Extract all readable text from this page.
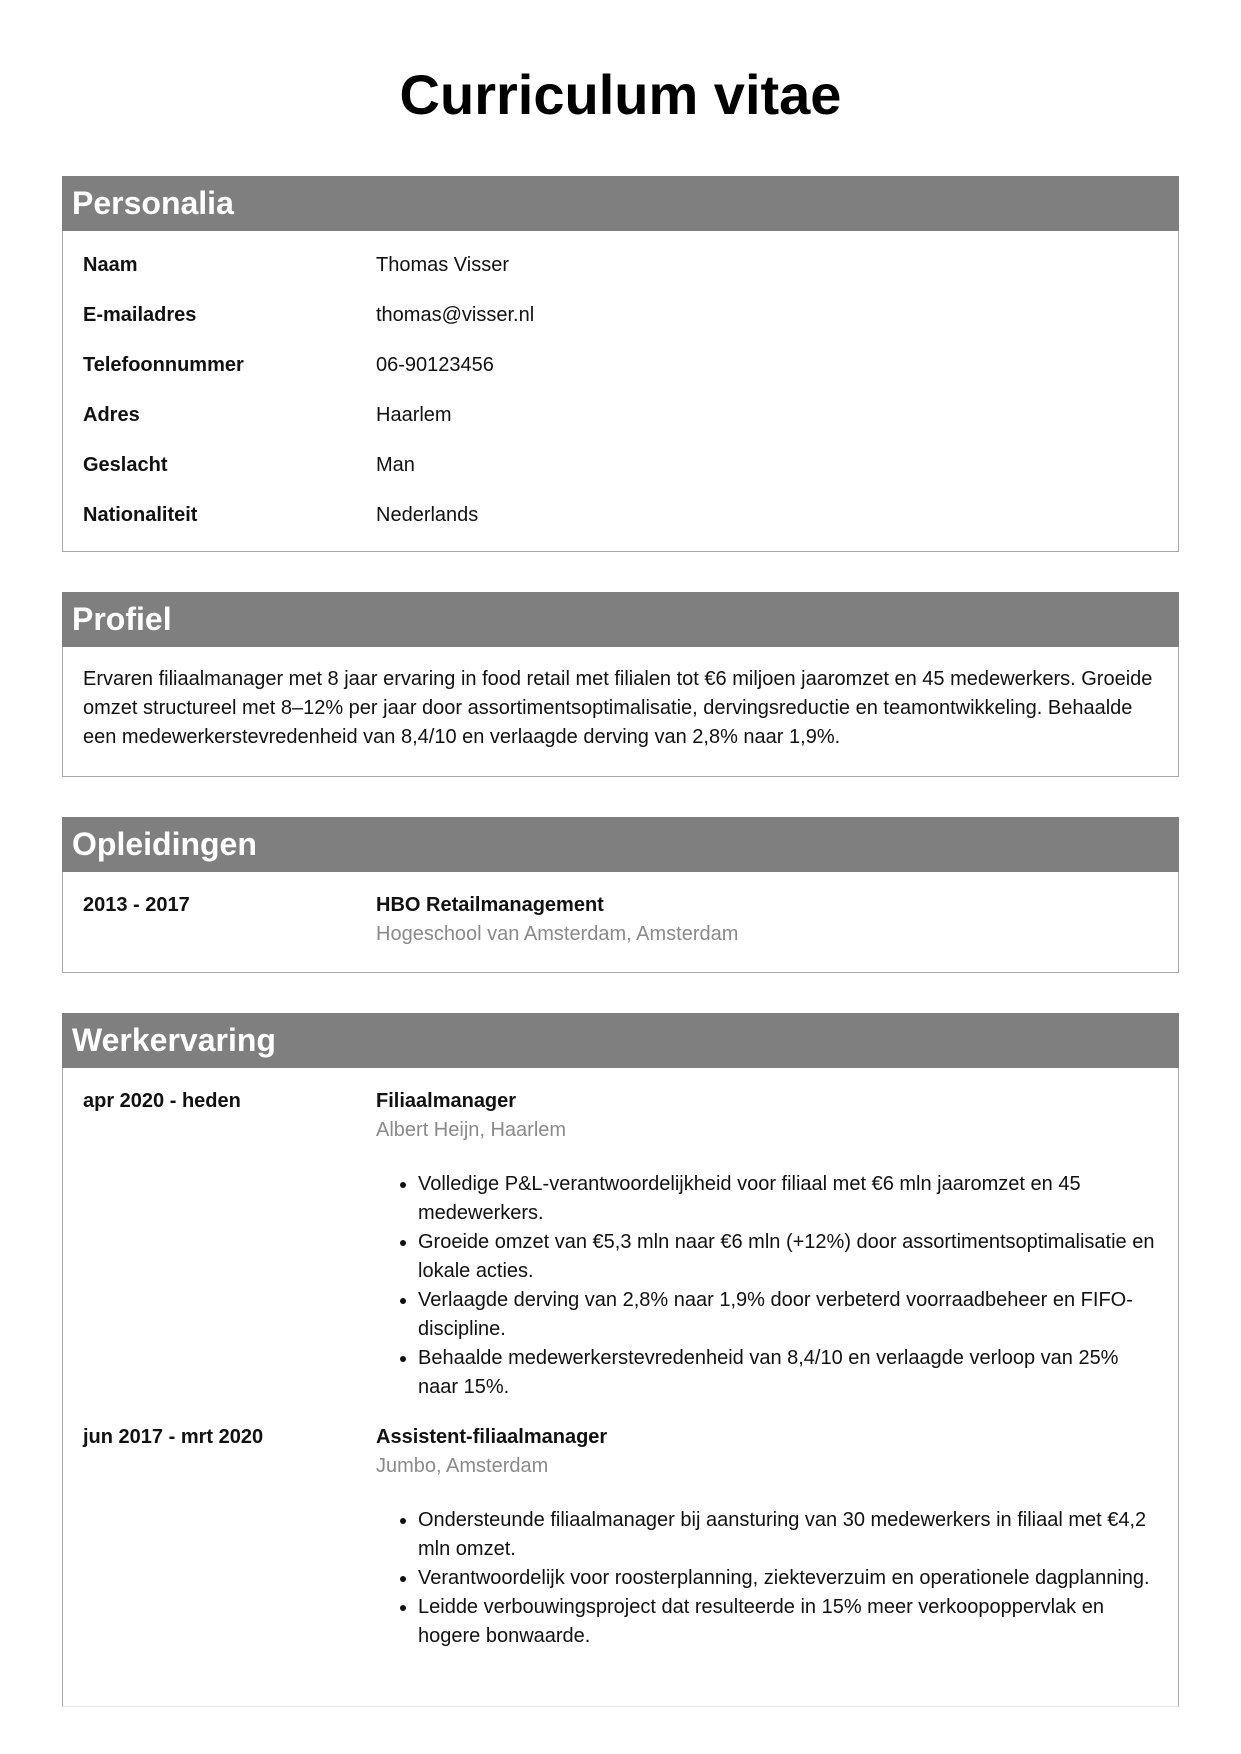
Curriculum vitae
Personalia
Naam	Thomas Visser
E-mailadres	thomas@visser.nl
Telefoonnummer	06-90123456
Adres	Haarlem
Geslacht	Man
Nationaliteit	Nederlands
Profiel
Ervaren filiaalmanager met 8 jaar ervaring in food retail met filialen tot €6 miljoen jaaromzet en 45 medewerkers. Groeide omzet structureel met 8–12% per jaar door assortimentsoptimalisatie, dervingsreductie en teamontwikkeling. Behaalde een medewerkerstevredenheid van 8,4/10 en verlaagde derving van 2,8% naar 1,9%.
Opleidingen
2013 - 2017	HBO Retailmanagement
Hogeschool van Amsterdam, Amsterdam
Werkervaring
apr 2020 - heden	Filiaalmanager
Albert Heijn, Haarlem
• Volledige P&L-verantwoordelijkheid voor filiaal met €6 mln jaaromzet en 45 medewerkers.
• Groeide omzet van €5,3 mln naar €6 mln (+12%) door assortimentsoptimalisatie en lokale acties.
• Verlaagde derving van 2,8% naar 1,9% door verbeterd voorraadbeheer en FIFO-discipline.
• Behaalde medewerkerstevredenheid van 8,4/10 en verlaagde verloop van 25% naar 15%.
jun 2017 - mrt 2020	Assistent-filiaalmanager
Jumbo, Amsterdam
• Ondersteunde filiaalmanager bij aansturing van 30 medewerkers in filiaal met €4,2 mln omzet.
• Verantwoordelijk voor roosterplanning, ziekteverzuim en operationele dagplanning.
• Leidde verbouwingsproject dat resulteerde in 15% meer verkoopoppervlak en hogere bonwaarde.
